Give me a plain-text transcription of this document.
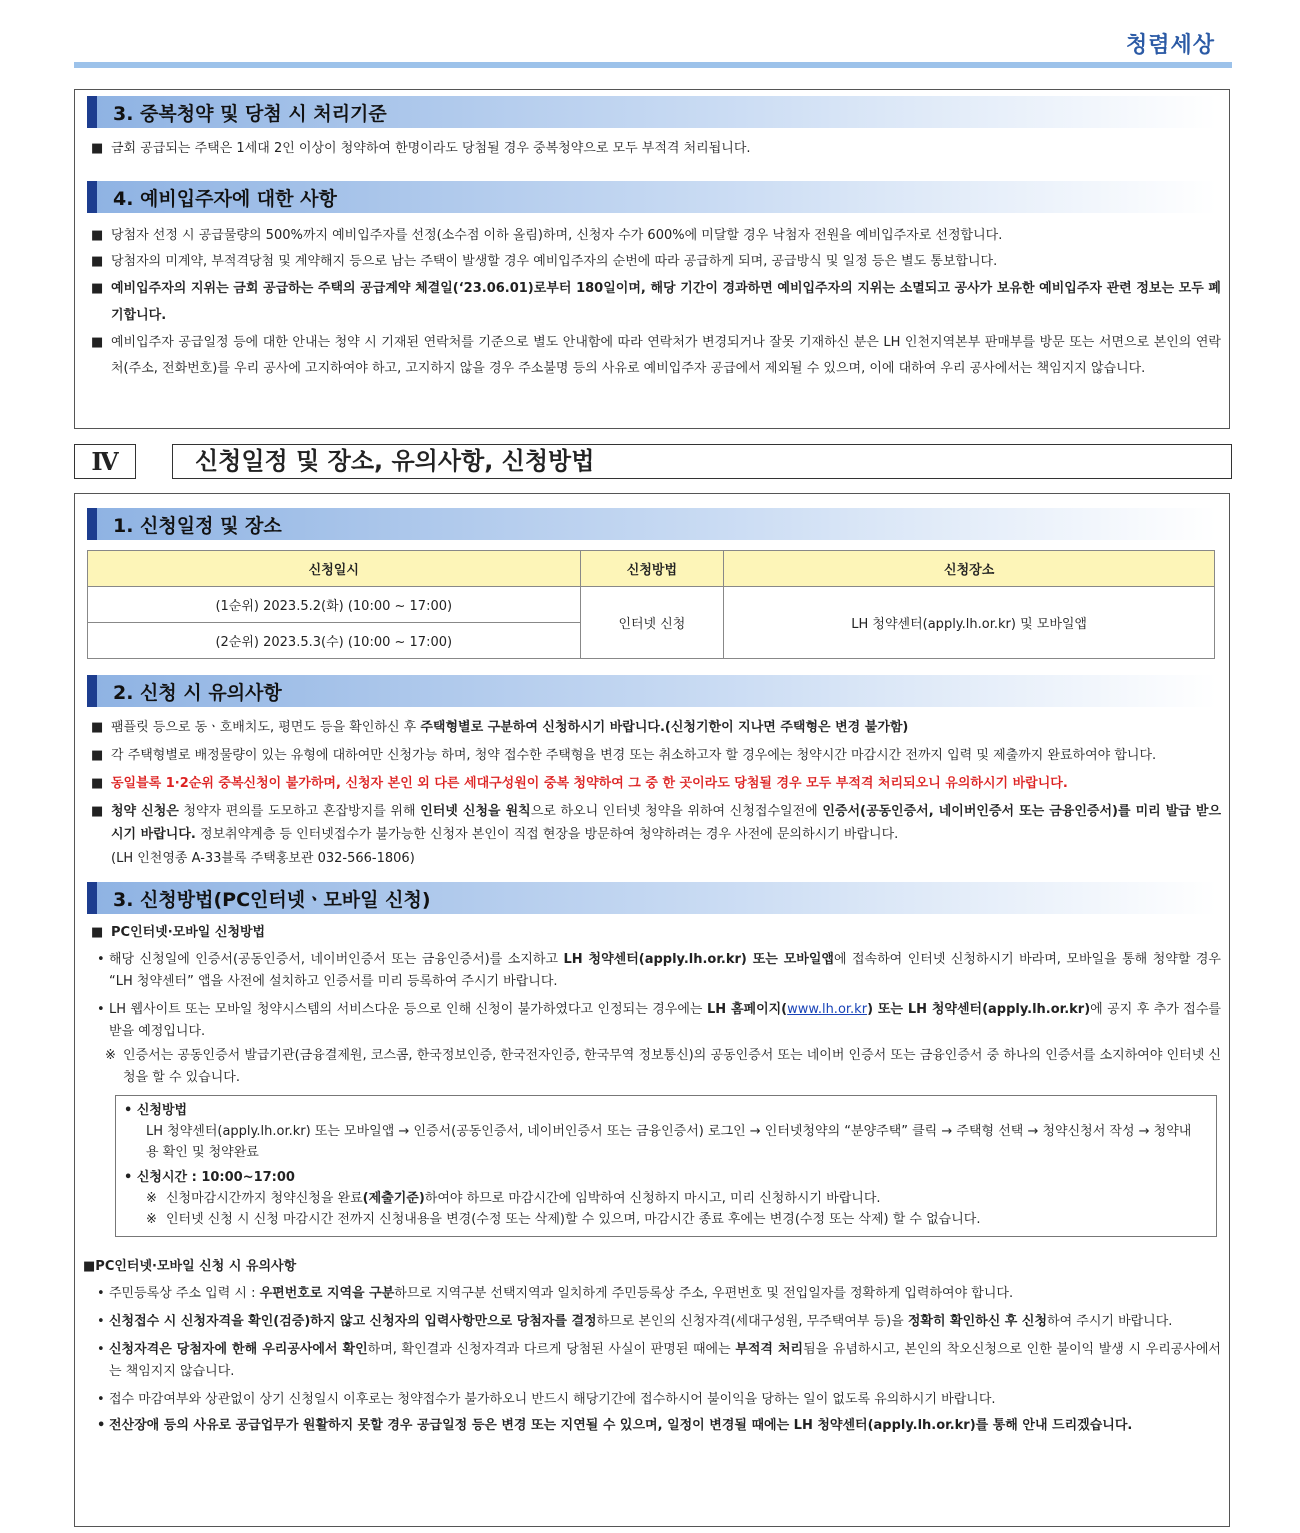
청렴세상
3. 중복청약 및 당첨 시 처리기준
■ 금회 공급되는 주택은 1세대 2인 이상이 청약하여 한명이라도 당첨될 경우 중복청약으로 모두 부적격 처리됩니다.
4. 예비입주자에 대한 사항
■ 당첨자 선정 시 공급물량의 500%까지 예비입주자를 선정(소수점 이하 올림)하며, 신청자 수가 600%에 미달할 경우 낙첨자 전원을 예비입주자로 선정합니다.
■ 당첨자의 미계약, 부적격당첨 및 계약해지 등으로 남는 주택이 발생할 경우 예비입주자의 순번에 따라 공급하게 되며, 공급방식 및 일정 등은 별도 통보합니다.
■ 예비입주자의 지위는 금회 공급하는 주택의 공급계약 체결일(‘23.06.01)로부터 180일이며, 해당 기간이 경과하면 예비입주자의 지위는 소멸되고 공사가 보유한 예비입주자 관련 정보는 모두 폐기합니다.
■ 예비입주자 공급일정 등에 대한 안내는 청약 시 기재된 연락처를 기준으로 별도 안내함에 따라 연락처가 변경되거나 잘못 기재하신 분은 LH 인천지역본부 판매부를 방문 또는 서면으로 본인의 연락처(주소, 전화번호)를 우리 공사에 고지하여야 하고, 고지하지 않을 경우 주소불명 등의 사유로 예비입주자 공급에서 제외될 수 있으며, 이에 대하여 우리 공사에서는 책임지지 않습니다.
Ⅳ	신청일정 및 장소, 유의사항, 신청방법
1. 신청일정 및 장소
신청일시	신청방법	신청장소
(1순위) 2023.5.2(화) (10:00 ~ 17:00)	인터넷 신청	LH 청약센터(apply.lh.or.kr) 및 모바일앱
(2순위) 2023.5.3(수) (10:00 ~ 17:00)		
2. 신청 시 유의사항
■ 팸플릿 등으로 동ㆍ호배치도, 평면도 등을 확인하신 후 주택형별로 구분하여 신청하시기 바랍니다.(신청기한이 지나면 주택형은 변경 불가함)
■ 각 주택형별로 배정물량이 있는 유형에 대하여만 신청가능 하며, 청약 접수한 주택형을 변경 또는 취소하고자 할 경우에는 청약시간 마감시간 전까지 입력 및 제출까지 완료하여야 합니다.
■ 동일블록 1·2순위 중복신청이 불가하며, 신청자 본인 외 다른 세대구성원이 중복 청약하여 그 중 한 곳이라도 당첨될 경우 모두 부적격 처리되오니 유의하시기 바랍니다.
■ 청약 신청은 청약자 편의를 도모하고 혼잡방지를 위해 인터넷 신청을 원칙으로 하오니 인터넷 청약을 위하여 신청접수일전에 인증서(공동인증서, 네이버인증서 또는 금융인증서)를 미리 발급 받으시기 바랍니다. 정보취약계층 등 인터넷접수가 불가능한 신청자 본인이 직접 현장을 방문하여 청약하려는 경우 사전에 문의하시기 바랍니다.
(LH 인천영종 A-33블록 주택홍보관 032-566-1806)
3. 신청방법(PC인터넷ㆍ모바일 신청)
■ PC인터넷·모바일 신청방법
• 해당 신청일에 인증서(공동인증서, 네이버인증서 또는 금융인증서)를 소지하고 LH 청약센터(apply.lh.or.kr) 또는 모바일앱에 접속하여 인터넷 신청하시기 바라며, 모바일을 통해 청약할 경우 “LH 청약센터” 앱을 사전에 설치하고 인증서를 미리 등록하여 주시기 바랍니다.
• LH 웹사이트 또는 모바일 청약시스템의 서비스다운 등으로 인해 신청이 불가하였다고 인정되는 경우에는 LH 홈페이지(www.lh.or.kr) 또는 LH 청약센터(apply.lh.or.kr)에 공지 후 추가 접수를 받을 예정입니다.
※ 인증서는 공동인증서 발급기관(금융결제원, 코스콤, 한국정보인증, 한국전자인증, 한국무역 정보통신)의 공동인증서 또는 네이버 인증서 또는 금융인증서 중 하나의 인증서를 소지하여야 인터넷 신청을 할 수 있습니다.
• 신청방법
LH 청약센터(apply.lh.or.kr) 또는 모바일앱 → 인증서(공동인증서, 네이버인증서 또는 금융인증서) 로그인 → 인터넷청약의 “분양주택” 클릭 → 주택형 선택 → 청약신청서 작성 → 청약내용 확인 및 청약완료
• 신청시간 : 10:00~17:00
※ 신청마감시간까지 청약신청을 완료(제출기준)하여야 하므로 마감시간에 임박하여 신청하지 마시고, 미리 신청하시기 바랍니다.
※ 인터넷 신청 시 신청 마감시간 전까지 신청내용을 변경(수정 또는 삭제)할 수 있으며, 마감시간 종료 후에는 변경(수정 또는 삭제) 할 수 없습니다.
■PC인터넷·모바일 신청 시 유의사항
• 주민등록상 주소 입력 시 : 우편번호로 지역을 구분하므로 지역구분 선택지역과 일치하게 주민등록상 주소, 우편번호 및 전입일자를 정확하게 입력하여야 합니다.
• 신청접수 시 신청자격을 확인(검증)하지 않고 신청자의 입력사항만으로 당첨자를 결정하므로 본인의 신청자격(세대구성원, 무주택여부 등)을 정확히 확인하신 후 신청하여 주시기 바랍니다.
• 신청자격은 당첨자에 한해 우리공사에서 확인하며, 확인결과 신청자격과 다르게 당첨된 사실이 판명된 때에는 부적격 처리됨을 유념하시고, 본인의 착오신청으로 인한 불이익 발생 시 우리공사에서는 책임지지 않습니다.
• 접수 마감여부와 상관없이 상기 신청일시 이후로는 청약접수가 불가하오니 반드시 해당기간에 접수하시어 불이익을 당하는 일이 없도록 유의하시기 바랍니다.
• 전산장애 등의 사유로 공급업무가 원활하지 못할 경우 공급일정 등은 변경 또는 지연될 수 있으며, 일정이 변경될 때에는 LH 청약센터(apply.lh.or.kr)를 통해 안내 드리겠습니다.
